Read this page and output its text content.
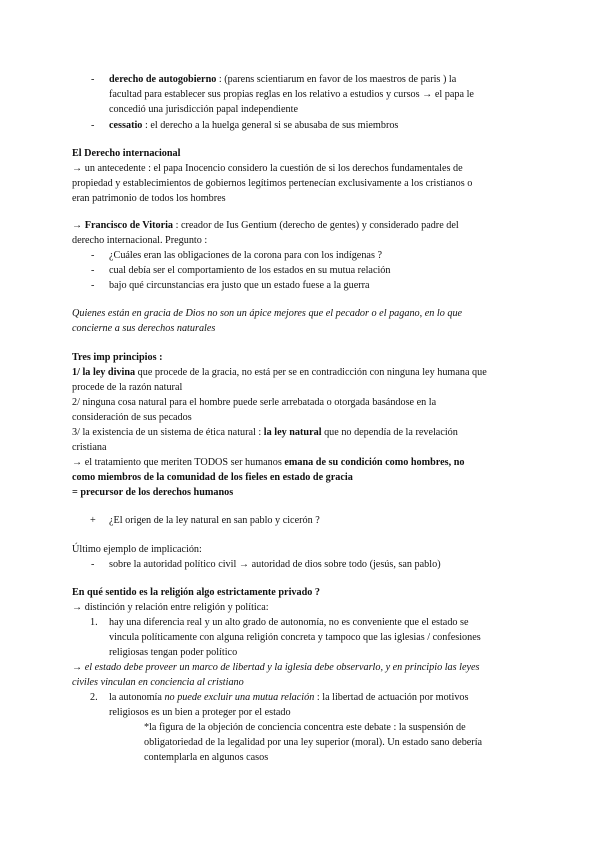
- derecho de autogobierno : (parens scientiarum en favor de los maestros de paris ) la
facultad para establecer sus propias reglas en los relativo a estudios y cursos → el papa le
concedió una jurisdicción papal independiente
- cessatio : el derecho a la huelga general si se abusaba de sus miembros
El Derecho internacional
→ un antecedente : el papa Inocencio considero la cuestión de si los derechos fundamentales de
propiedad y establecimientos de gobiernos legítimos pertenecían exclusivamente a los cristianos o
eran patrimonio de todos los hombres
→ Francisco de Vitoria : creador de Ius Gentium (derecho de gentes) y considerado padre del
derecho internacional. Pregunto :
- ¿Cuáles eran las obligaciones de la corona para con los indígenas ?
- cual debía ser el comportamiento de los estados en su mutua relación
- bajo qué circunstancias era justo que un estado fuese a la guerra
Quienes están en gracia de Dios no son un ápice mejores que el pecador o el pagano, en lo que
concierne a sus derechos naturales
Tres imp principios :
1/ la ley divina que procede de la gracia, no está per se en contradicción con ninguna ley humana que
procede de la razón natural
2/ ninguna cosa natural para el hombre puede serle arrebatada o otorgada basándose en la
consideración de sus pecados
3/ la existencia de un sistema de ética natural : la ley natural que no dependía de la revelación
cristiana
→ el tratamiento que meriten TODOS ser humanos emana de su condición como hombres, no
como miembros de la comunidad de los fieles en estado de gracia
= precursor de los derechos humanos
+ ¿El origen de la ley natural en san pablo y cicerón ?
Último ejemplo de implicación:
- sobre la autoridad político civil → autoridad de dios sobre todo (jesús, san pablo)
En qué sentido es la religión algo estrictamente privado ?
→ distinción y relación entre religión y política:
1. hay una diferencia real y un alto grado de autonomía, no es conveniente que el estado se
vincula políticamente con alguna religión concreta y tampoco que las iglesias / confesiones
religiosas tengan poder político
→ el estado debe proveer un marco de libertad y la iglesia debe observarlo, y en principio las leyes
civiles vinculan en conciencia al cristiano
2. la autonomía no puede excluir una mutua relación : la libertad de actuación por motivos
religiosos es un bien a proteger por el estado
*la figura de la objeción de conciencia concentra este debate : la suspensión de
obligatoriedad de la legalidad por una ley superior (moral). Un estado sano debería
contemplarla en algunos casos
